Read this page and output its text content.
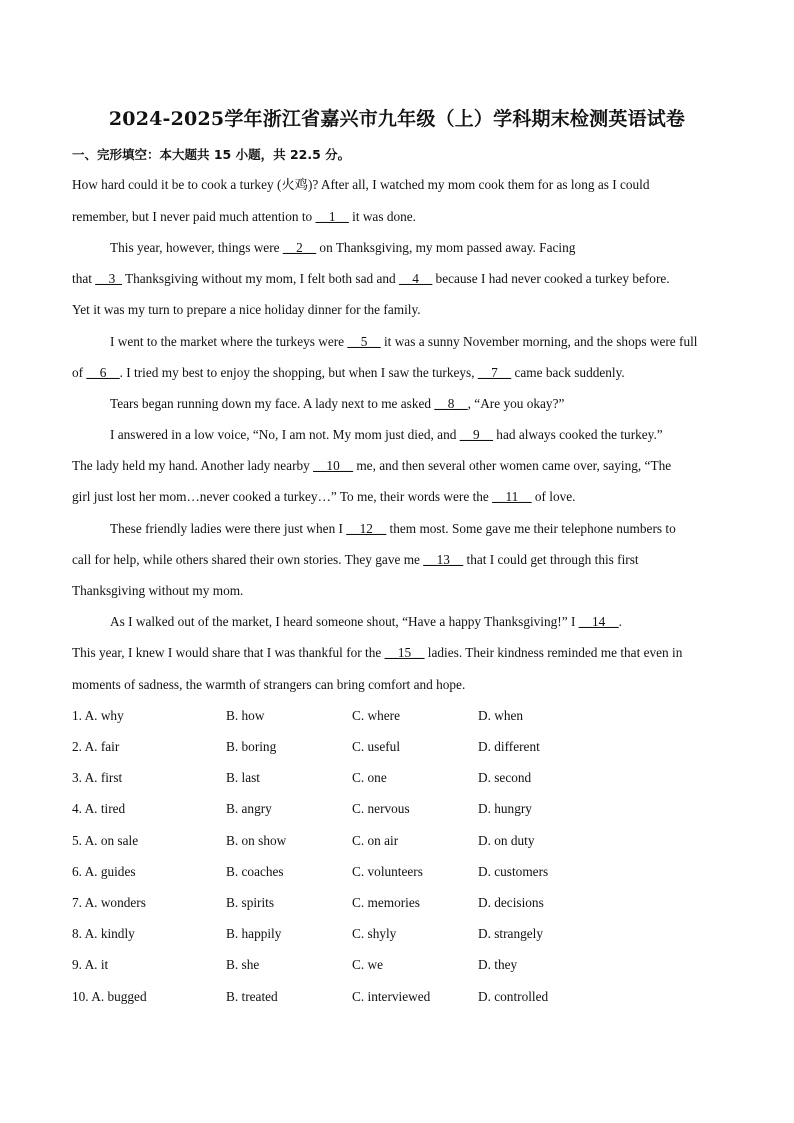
2024-2025学年浙江省嘉兴市九年级（上）学科期末检测英语试卷
一、完形填空：本大题共 15 小题，共 22.5 分。
How hard could it be to cook a turkey (火鸡)? After all, I watched my mom cook them for as long as I could
remember, but I never paid much attention to __1__ it was done.
This year, however, things were __2__ on Thanksgiving, my mom passed away. Facing
that __3_ Thanksgiving without my mom, I felt both sad and __4__ because I had never cooked a turkey before.
Yet it was my turn to prepare a nice holiday dinner for the family.
I went to the market where the turkeys were __5__ it was a sunny November morning, and the shops were full
of __6__. I tried my best to enjoy the shopping, but when I saw the turkeys, __7__ came back suddenly.
Tears began running down my face. A lady next to me asked __8__, “Are you okay?”
I answered in a low voice, “No, I am not. My mom just died, and __9__ had always cooked the turkey.”
The lady held my hand. Another lady nearby __10__ me, and then several other women came over, saying, “The
girl just lost her mom…never cooked a turkey…” To me, their words were the __11__ of love.
These friendly ladies were there just when I __12__ them most. Some gave me their telephone numbers to
call for help, while others shared their own stories. They gave me __13__ that I could get through this first
Thanksgiving without my mom.
As I walked out of the market, I heard someone shout, “Have a happy Thanksgiving!” I __14__.
This year, I knew I would share that I was thankful for the __15__ ladies. Their kindness reminded me that even in
moments of sadness, the warmth of strangers can bring comfort and hope.
1. A. why	B. how	C. where	D. when
2. A. fair	B. boring	C. useful	D. different
3. A. first	B. last	C. one	D. second
4. A. tired	B. angry	C. nervous	D. hungry
5. A. on sale	B. on show	C. on air	D. on duty
6. A. guides	B. coaches	C. volunteers	D. customers
7. A. wonders	B. spirits	C. memories	D. decisions
8. A. kindly	B. happily	C. shyly	D. strangely
9. A. it	B. she	C. we	D. they
10. A. bugged	B. treated	C. interviewed	D. controlled
